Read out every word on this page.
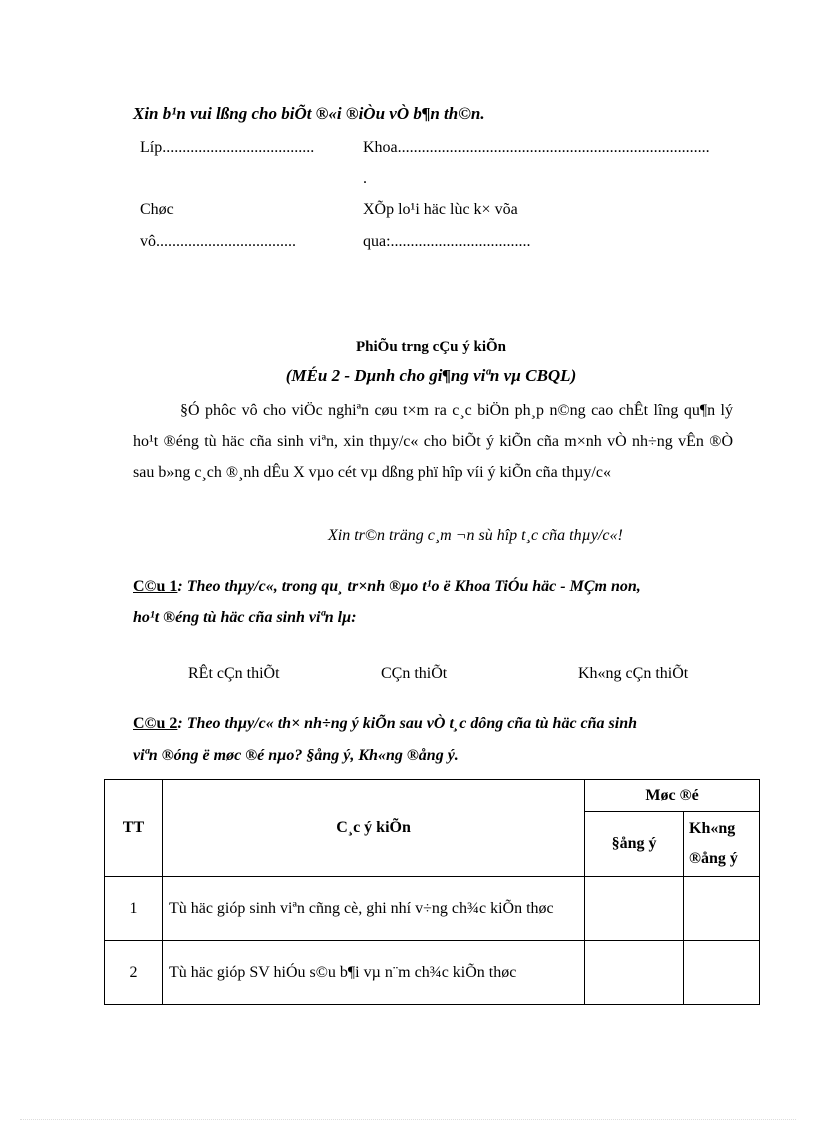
Xin b¹n vui lßng cho biÕt ®«i ®iÒu vÒ b¶n th©n.
Líp......................................	Khoa..............................................................................
.
Chøc	XÕp lo¹i häc lùc k× võa
vô...................................	qua:...................................
PhiÕu trng cÇu ý kiÕn
(MÉu 2 - Dµnh cho gi¶ng viªn vµ CBQL)
§Ó phôc vô cho viÖc nghiªn cøu t×m ra c¸c biÖn ph¸p n©ng cao chÊt lîng qu¶n lý ho¹t ®éng tù häc cña sinh viªn, xin thµy/c« cho biÕt ý kiÕn cña m×nh vÒ nh÷ng vÊn ®Ò sau b»ng c¸ch ®¸nh dÊu X vµo cét vµ dßng phï hîp víi ý kiÕn cña thµy/c«
Xin tr©n träng c¸m ¬n sù hîp t¸c cña thµy/c«!
C©u 1: Theo thµy/c«, trong qu¸ tr×nh ®µo t¹o ë Khoa TiÓu häc - MÇm non,
ho¹t ®éng tù häc cña sinh viªn lµ:
RÊt cÇn thiÕt	CÇn thiÕt	Kh«ng cÇn thiÕt
C©u 2: Theo thµy/c« th× nh÷ng ý kiÕn sau vÒ t¸c dông cña tù häc cña sinh
viªn ®óng ë møc ®é nµo? §ång ý, Kh«ng ®ång ý.
TT	C¸c ý kiÕn	Møc ®é	
		§ång ý	Kh«ng
®ång ý

1	Tù häc gióp sinh viªn cñng cè, ghi nhí v÷ng ch¾c kiÕn thøc		
2	Tù häc gióp SV hiÓu s©u b¶i vµ n¨m ch¾c kiÕn thøc		
